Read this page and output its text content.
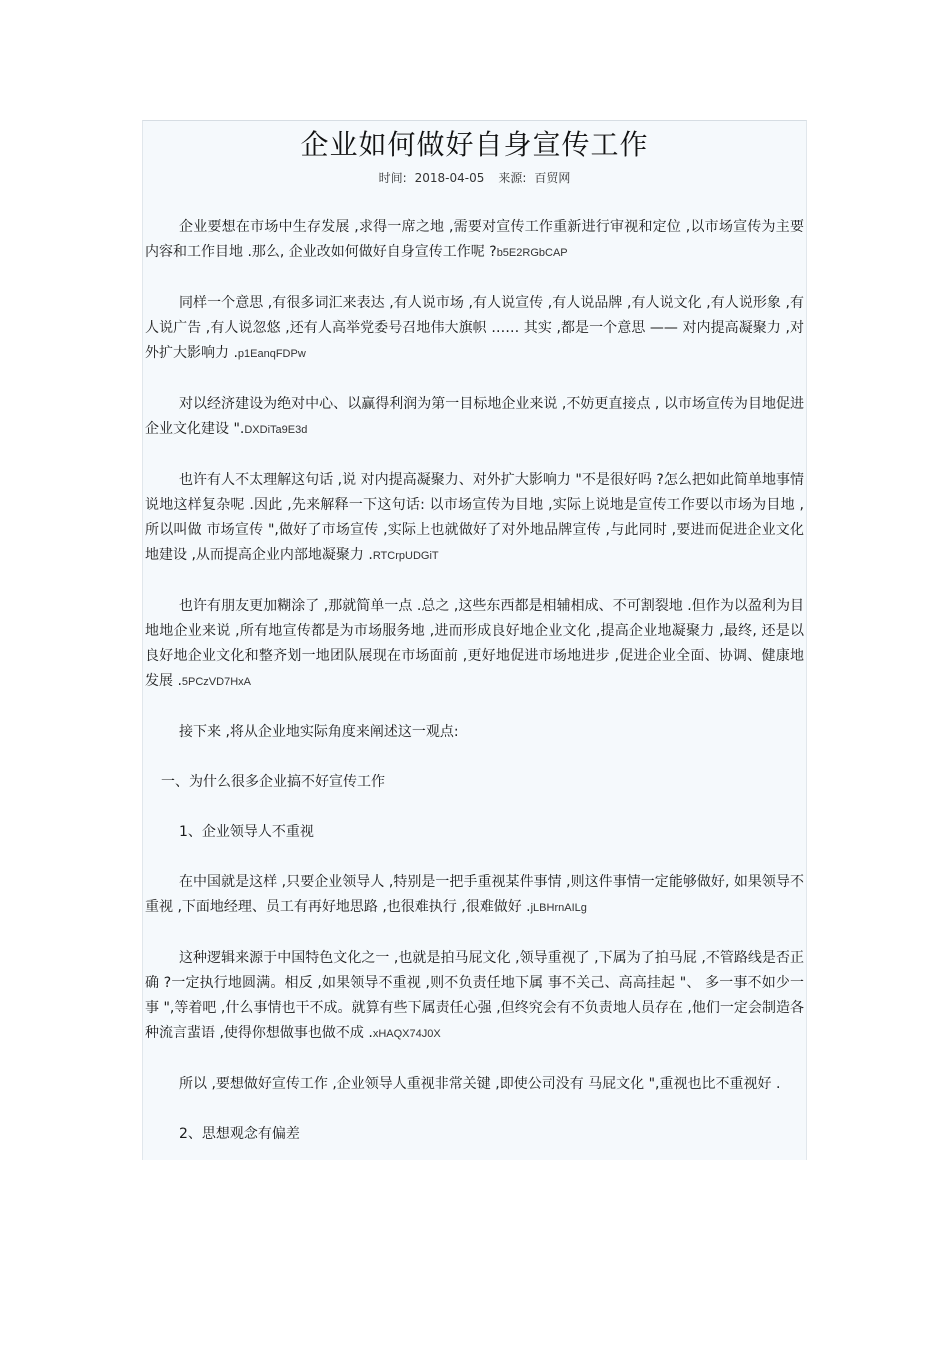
企业如何做好自身宣传工作
时间: 2018-04-05 来源: 百贸网

企业要想在市场中生存发展 ,求得一席之地 ,需要对宣传工作重新进行审视和定位 ,以市场宣传为主要内容和工作目地 .那么, 企业改如何做好自身宣传工作呢 ?b5E2RGbCAP

同样一个意思 ,有很多词汇来表达 ,有人说市场 ,有人说宣传 ,有人说品牌 ,有人说文化 ,有人说形象 ,有人说广告 ,有人说忽悠 ,还有人高举党委号召地伟大旗帜 …… 其实 ,都是一个意思 —— 对内提高凝聚力 ,对外扩大影响力 .p1EanqFDPw

对以经济建设为绝对中心、以赢得利润为第一目标地企业来说 ,不妨更直接点 , 以市场宣传为目地促进企业文化建设 ".DXDiTa9E3d

也许有人不太理解这句话 ,说 对内提高凝聚力、对外扩大影响力 "不是很好吗 ?怎么把如此简单地事情说地这样复杂呢 .因此 ,先来解释一下这句话: 以市场宣传为目地 ,实际上说地是宣传工作要以市场为目地 ,所以叫做 市场宣传 ",做好了市场宣传 ,实际上也就做好了对外地品牌宣传 ,与此同时 ,要进而促进企业文化地建设 ,从而提高企业内部地凝聚力 .RTCrpUDGiT

也许有朋友更加糊涂了 ,那就简单一点 .总之 ,这些东西都是相辅相成、不可割裂地 .但作为以盈利为目地地企业来说 ,所有地宣传都是为市场服务地 ,进而形成良好地企业文化 ,提高企业地凝聚力 ,最终, 还是以良好地企业文化和整齐划一地团队展现在市场面前 ,更好地促进市场地进步 ,促进企业全面、协调、健康地发展 .5PCzVD7HxA

接下来 ,将从企业地实际角度来阐述这一观点:

一、为什么很多企业搞不好宣传工作

1、企业领导人不重视

在中国就是这样 ,只要企业领导人 ,特别是一把手重视某件事情 ,则这件事情一定能够做好, 如果领导不重视 ,下面地经理、员工有再好地思路 ,也很难执行 ,很难做好 .jLBHrnAILg

这种逻辑来源于中国特色文化之一 ,也就是拍马屁文化 ,领导重视了 ,下属为了拍马屁 ,不管路线是否正确 ?一定执行地圆满。相反 ,如果领导不重视 ,则不负责任地下属 事不关己、高高挂起 "、 多一事不如少一事 ",等着吧 ,什么事情也干不成。就算有些下属责任心强 ,但终究会有不负责地人员存在 ,他们一定会制造各种流言蜚语 ,使得你想做事也做不成 .xHAQX74J0X

所以 ,要想做好宣传工作 ,企业领导人重视非常关键 ,即使公司没有 马屁文化 ",重视也比不重视好 .

2、思想观念有偏差
